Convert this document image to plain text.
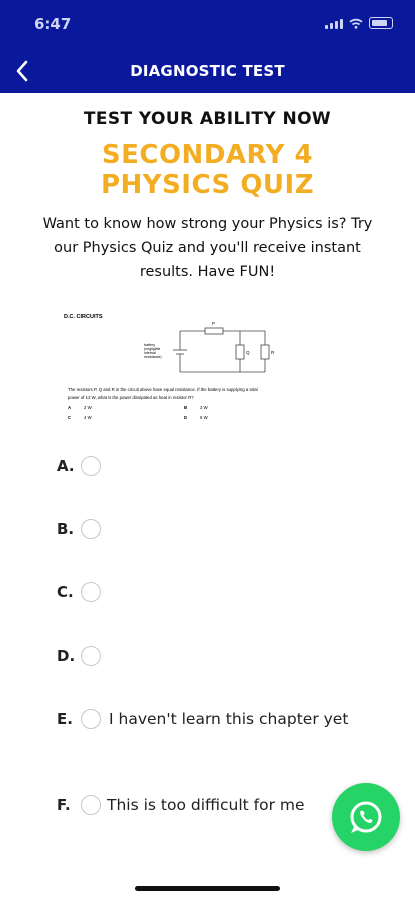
6:47
DIAGNOSTIC TEST
TEST YOUR ABILITY NOW
SECONDARY 4
PHYSICS QUIZ
Want to know how strong your Physics is? Try our Physics Quiz and you'll receive instant results. Have FUN!
D.C. CIRCUITS
P
Q	R
battery
(negligible
internal
resistance)
The resistors P, Q and R in the circuit above have equal resistance. If the battery is supplying a total
power of 12 W, what is the power dissipated as heat in resistor R?
A	2 W	B	3 W
C	4 W	D	6 W
A.
B.
C.
D.
E. I haven't learn this chapter yet
F.	This is too difficult for me
